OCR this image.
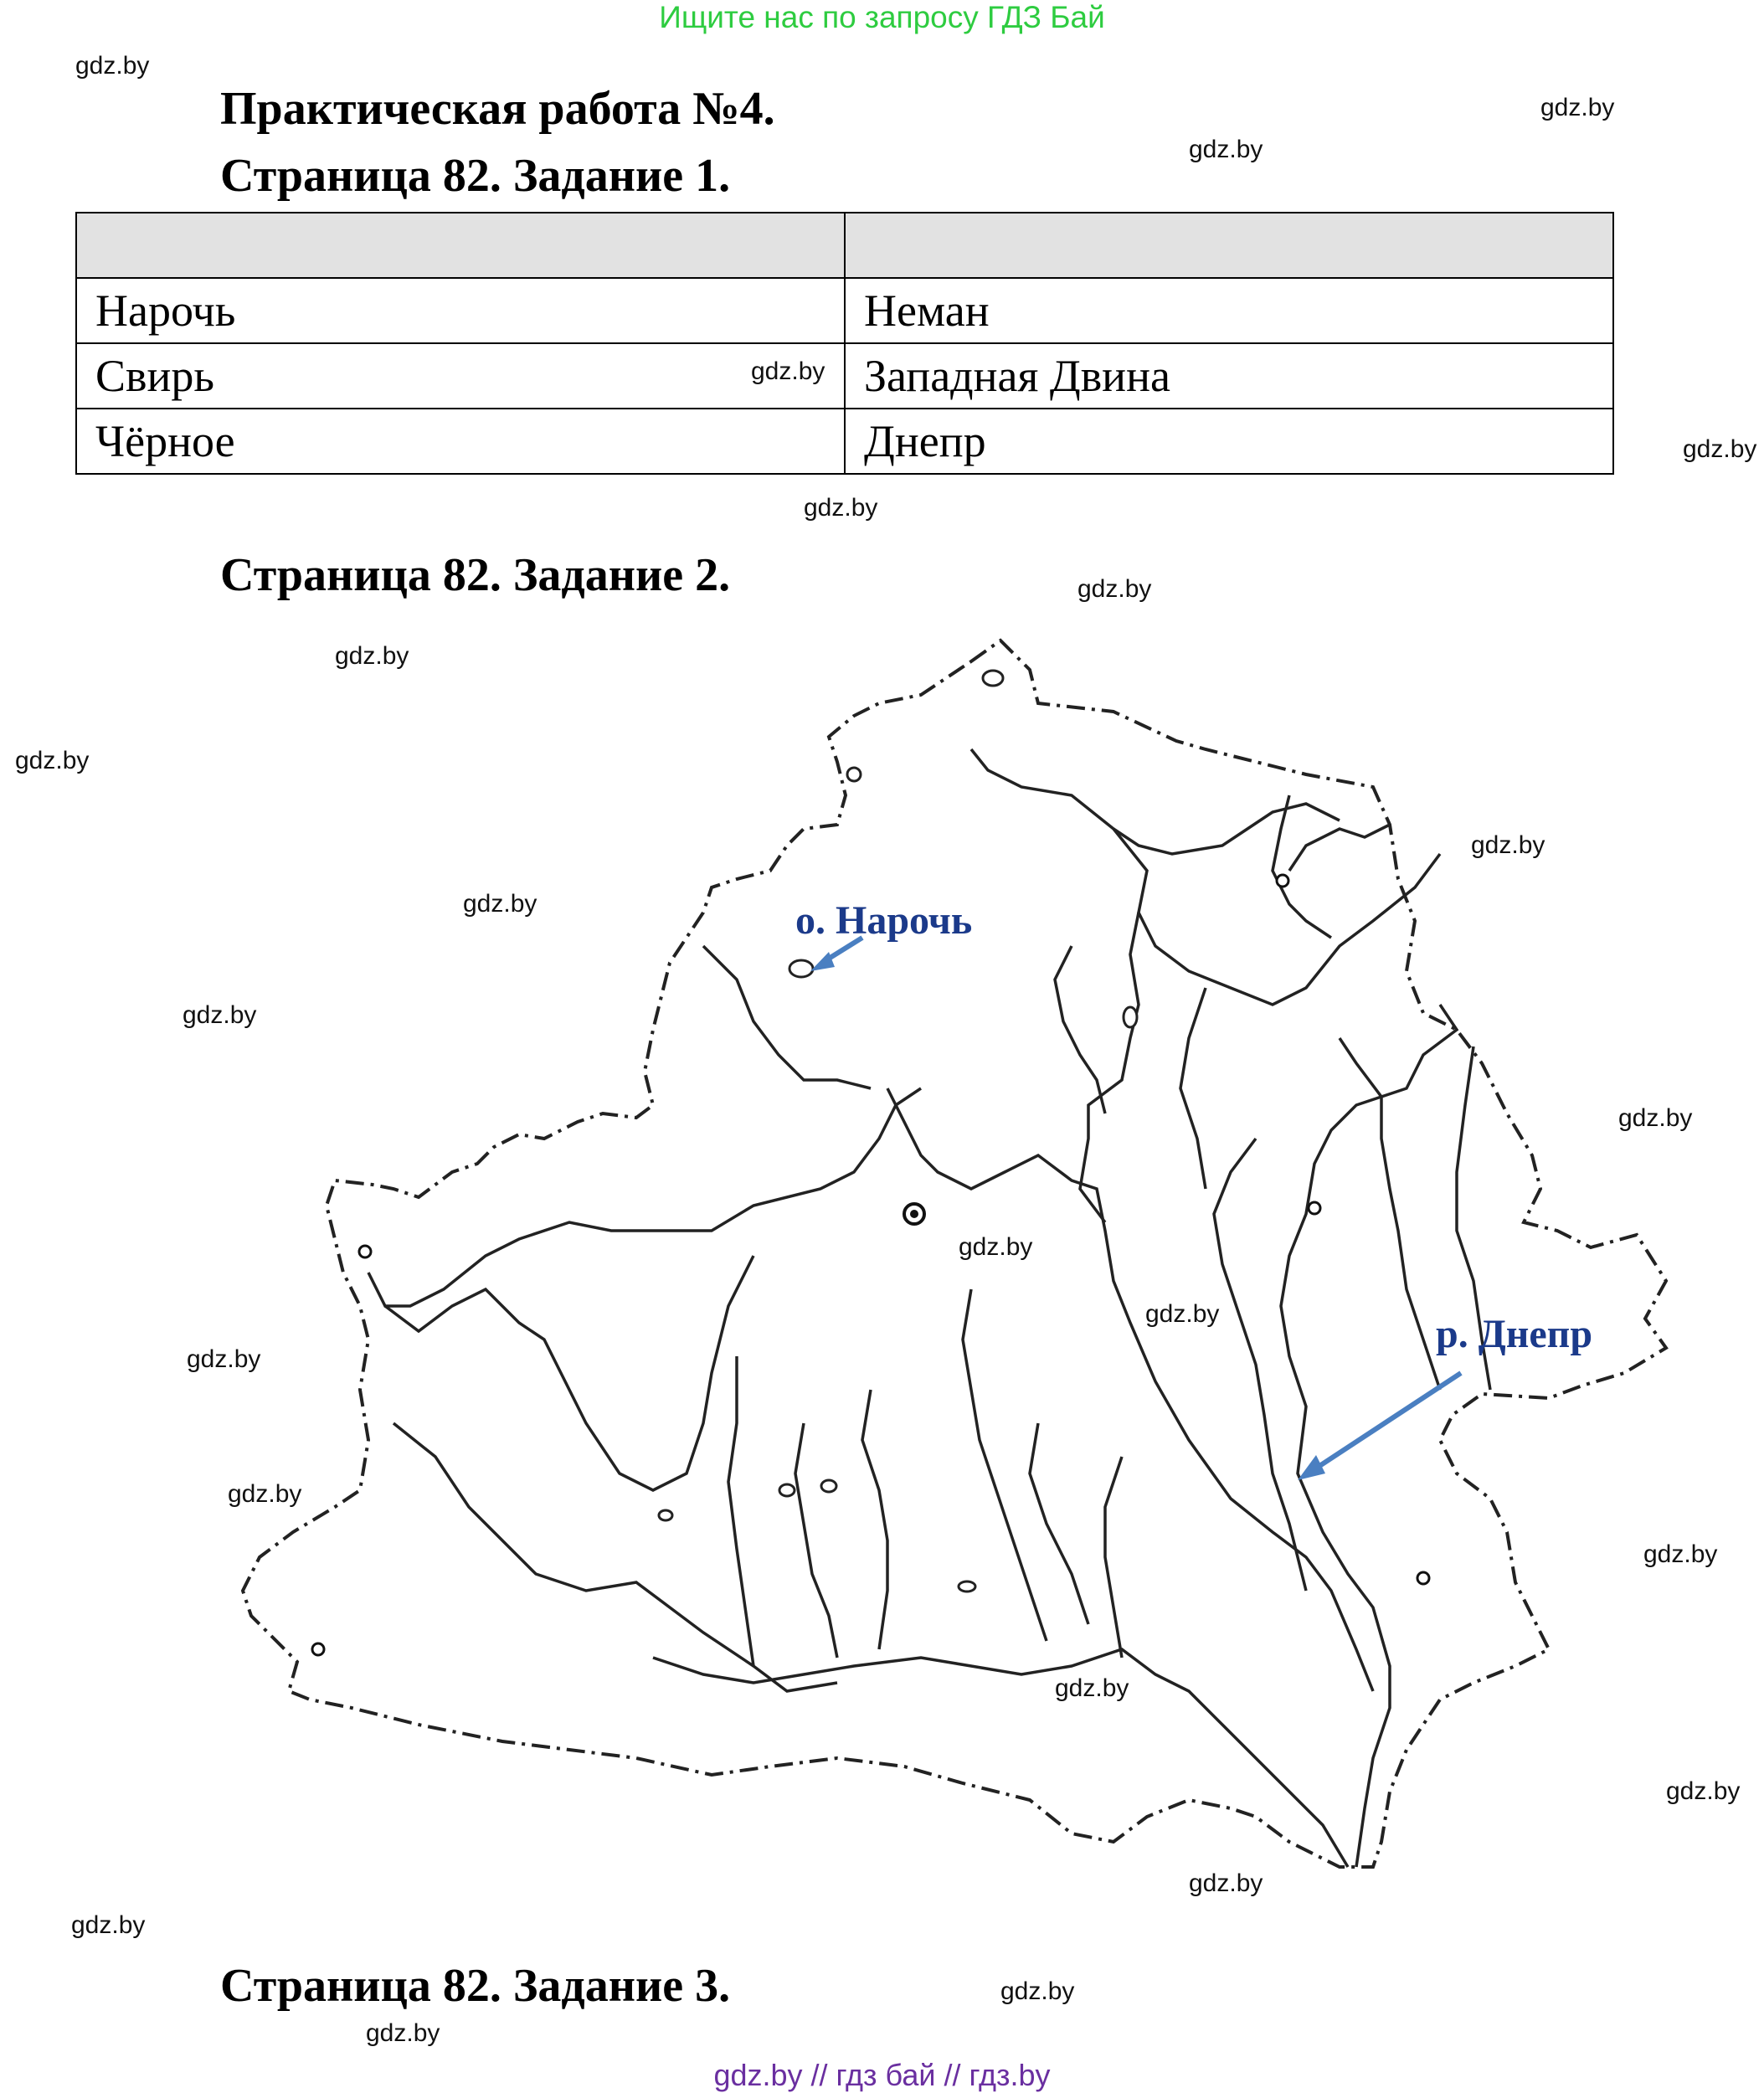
Ищите нас по запросу ГДЗ Бай
gdz.by
gdz.by
gdz.by
gdz.by
gdz.by
gdz.by
gdz.by
gdz.by
gdz.by
gdz.by
gdz.by
gdz.by
gdz.by
gdz.by
gdz.by
gdz.by
gdz.by
gdz.by
gdz.by
gdz.by
gdz.by
gdz.by
gdz.by
gdz.by
Практическая работа №4.
Страница 82. Задание 1.

Нарочь	Неман
Свирь	Западная Двина
Чёрное	Днепр
Страница 82. Задание 2.
о. Нарочь
р. Днепр
Страница 82. Задание 3.
gdz.by // гдз бай // гдз.by
